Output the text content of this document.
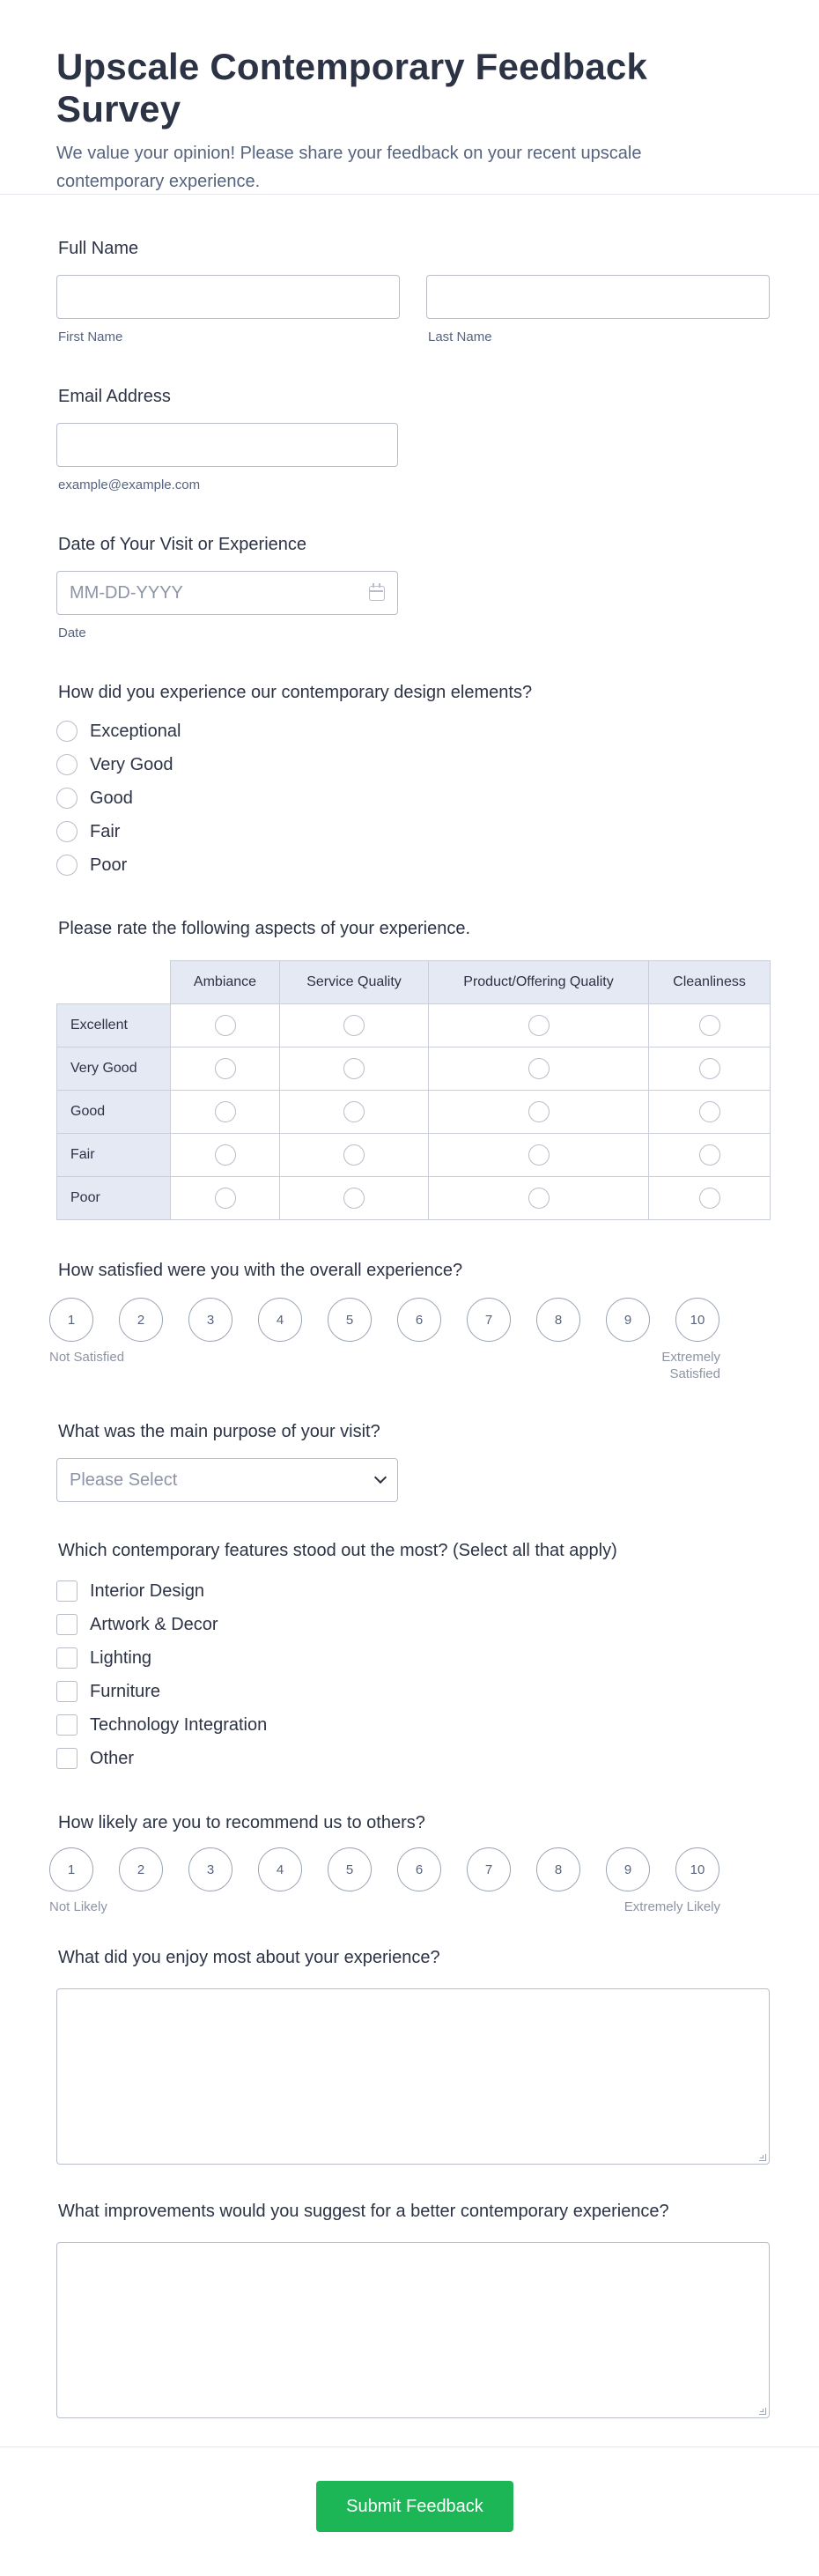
Upscale Contemporary Feedback Survey

We value your opinion! Please share your feedback on your recent upscale contemporary experience.

Full Name
First Name	Last Name
Email Address
example@example.com
Date of Your Visit or Experience
MM-DD-YYYY
Date
How did you experience our contemporary design elements?
Exceptional
Very Good
Good
Fair
Poor
Please rate the following aspects of your experience.
	Ambiance	Service Quality	Product/Offering Quality	Cleanliness
Excellent				
Very Good				
Good				
Fair				
Poor				
How satisfied were you with the overall experience?
1	2	3	4	5	6	7	8	9	10
Not Satisfied	Extremely
Satisfied
What was the main purpose of your visit?
Please Select
Which contemporary features stood out the most? (Select all that apply)
Interior Design
Artwork & Decor
Lighting
Furniture
Technology Integration
Other
How likely are you to recommend us to others?
1	2	3	4	5	6	7	8	9	10
Not Likely	Extremely Likely
What did you enjoy most about your experience?
What improvements would you suggest for a better contemporary experience?
Submit Feedback
